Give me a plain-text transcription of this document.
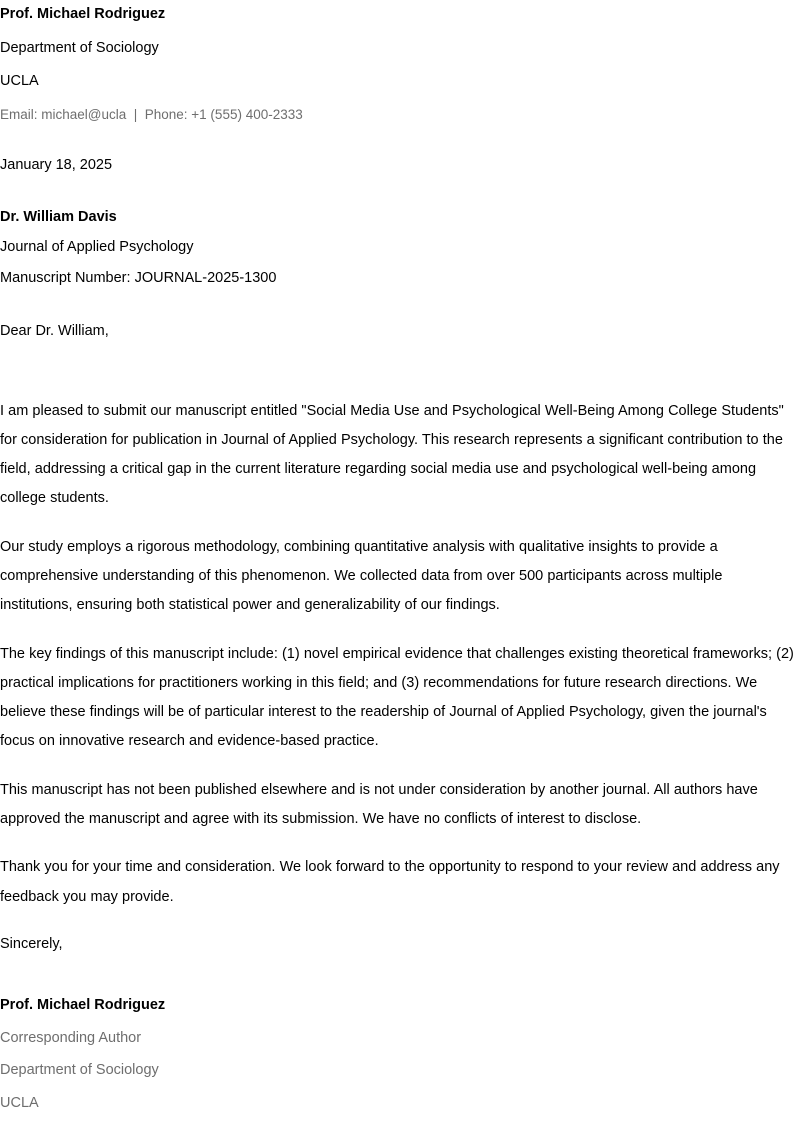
Prof. Michael Rodriguez
Department of Sociology
UCLA
Email: michael@ucla  |  Phone: +1 (555) 400-2333
January 18, 2025
Dr. William Davis
Journal of Applied Psychology
Manuscript Number: JOURNAL-2025-1300
Dear Dr. William,

I am pleased to submit our manuscript entitled "Social Media Use and Psychological Well-Being Among College Students" for consideration for publication in Journal of Applied Psychology. This research represents a significant contribution to the field, addressing a critical gap in the current literature regarding social media use and psychological well-being among college students.

Our study employs a rigorous methodology, combining quantitative analysis with qualitative insights to provide a comprehensive understanding of this phenomenon. We collected data from over 500 participants across multiple institutions, ensuring both statistical power and generalizability of our findings.

The key findings of this manuscript include: (1) novel empirical evidence that challenges existing theoretical frameworks; (2) practical implications for practitioners working in this field; and (3) recommendations for future research directions. We believe these findings will be of particular interest to the readership of Journal of Applied Psychology, given the journal's focus on innovative research and evidence-based practice.

This manuscript has not been published elsewhere and is not under consideration by another journal. All authors have approved the manuscript and agree with its submission. We have no conflicts of interest to disclose.

Thank you for your time and consideration. We look forward to the opportunity to respond to your review and address any feedback you may provide.

Sincerely,
Prof. Michael Rodriguez
Corresponding Author
Department of Sociology
UCLA
